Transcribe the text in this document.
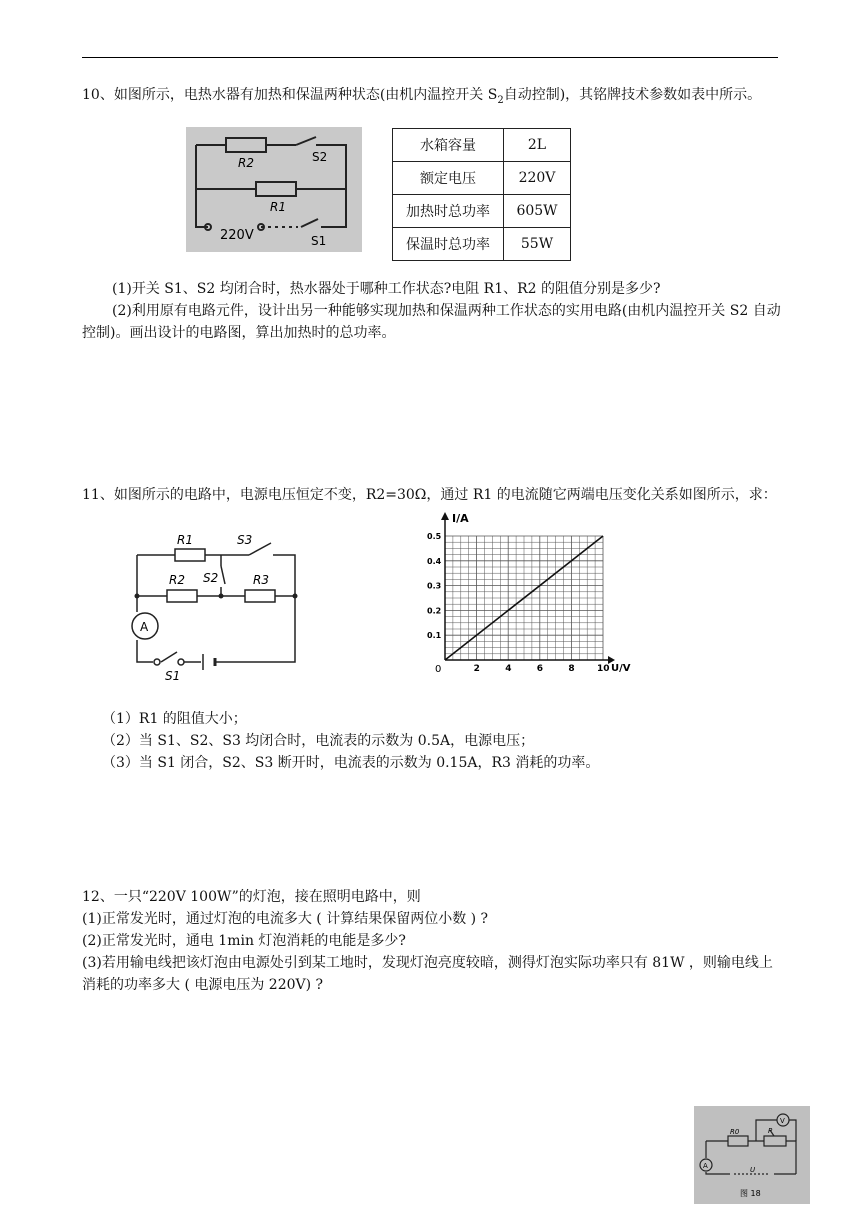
10、如图所示，电热水器有加热和保温两种状态(由机内温控开关 $S_2$自动控制)，其铭牌技术参数如表中所示。
R2	S2
R1
220V	S1
水箱容量	2L
额定电压	220V
加热时总功率	605W
保温时总功率	55W
(1)开关 S1、S2 均闭合时，热水器处于哪种工作状态?电阻 R1、R2 的阻值分别是多少?
(2)利用原有电路元件，设计出另一种能够实现加热和保温两种工作状态的实用电路(由机内温控开关 S2 自动控制)。画出设计的电路图，算出加热时的总功率。
11、如图所示的电路中，电源电压恒定不变，R2=30Ω，通过 R1 的电流随它两端电压变化关系如图所示，求：
R1	S3
R2 S2	R3
A
S1	2	4	6	8 10
0.1
0.2
0.3
0.4
0.5
I/A
U/V
0
（1）R1 的阻值大小；
（2）当 S1、S2、S3 均闭合时，电流表的示数为 0.5A，电源电压；
（3）当 S1 闭合，S2、S3 断开时，电流表的示数为 0.15A，R3 消耗的功率。
12、一只“220V 100W”的灯泡，接在照明电路中，则
(1)正常发光时，通过灯泡的电流多大 ( 计算结果保留两位小数 ) ?
(2)正常发光时，通电 1min 灯泡消耗的电能是多少?
(3)若用输电线把该灯泡由电源处引到某工地时，发现灯泡亮度较暗，测得灯泡实际功率只有 81W ，则输电线上消耗的功率多大 ( 电源电压为 220V) ?
V
A
R0	P
U
图 18
